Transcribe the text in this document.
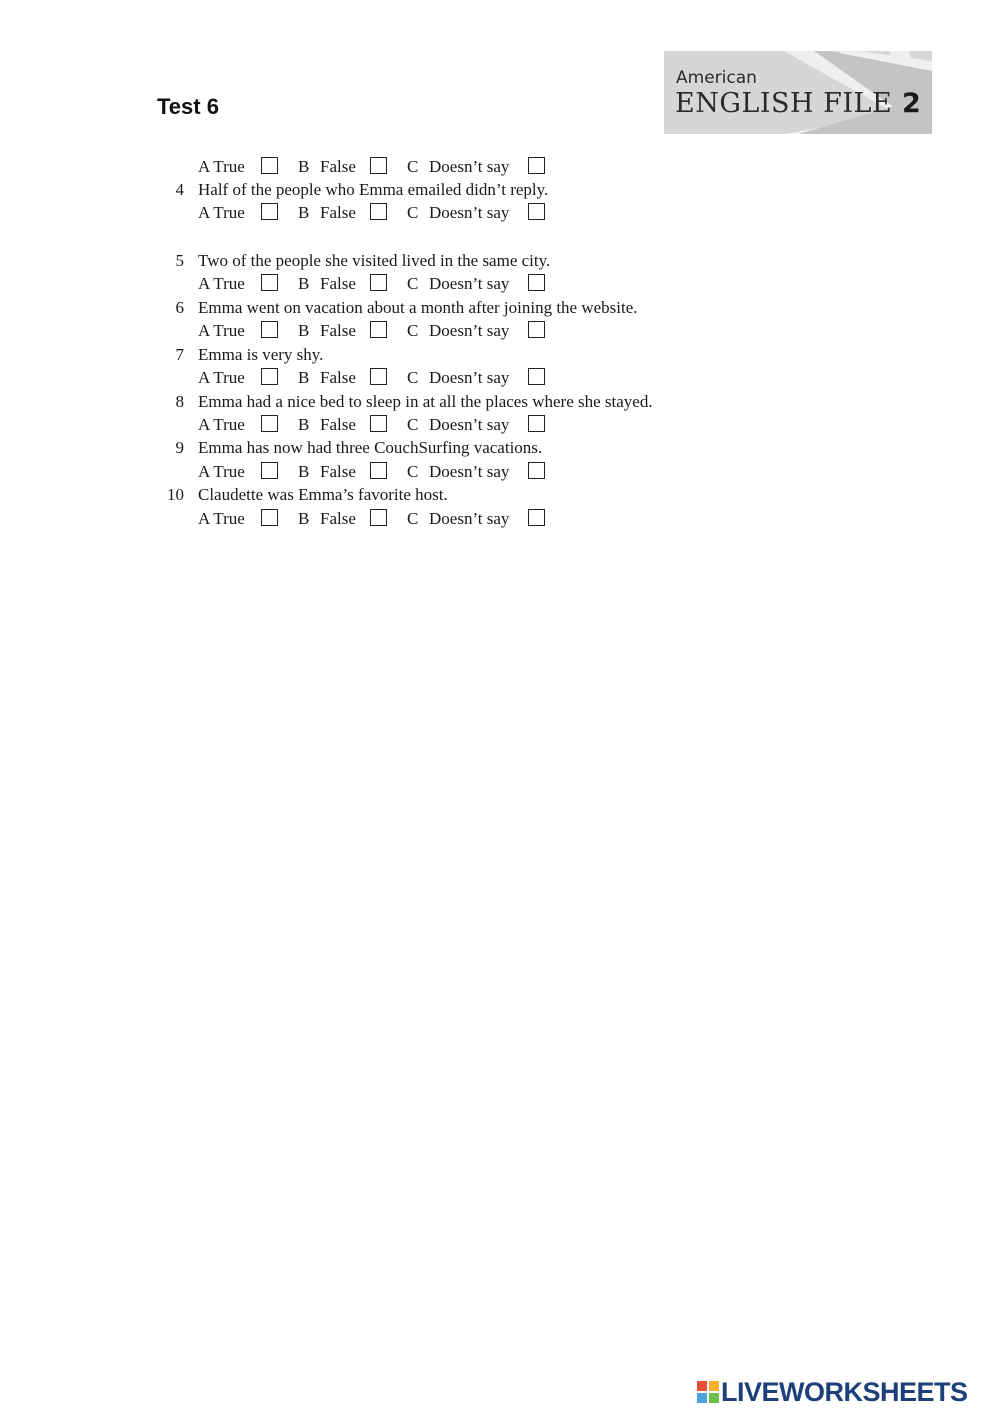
Test 6
American
ENGLISH FILE 2
A True	B False	C Doesn’t say
4 Half of the people who Emma emailed didn’t reply.
A True	B False	C Doesn’t say
5 Two of the people she visited lived in the same city.
A True	B False	C Doesn’t say
6 Emma went on vacation about a month after joining the website.
A True	B False	C Doesn’t say
7 Emma is very shy.
A True	B False	C Doesn’t say
8 Emma had a nice bed to sleep in at all the places where she stayed.
A True	B False	C Doesn’t say
9 Emma has now had three CouchSurfing vacations.
A True	B False	C Doesn’t say
10 Claudette was Emma’s favorite host.
A True	B False	C Doesn’t say
LIVEWORKSHEETS
